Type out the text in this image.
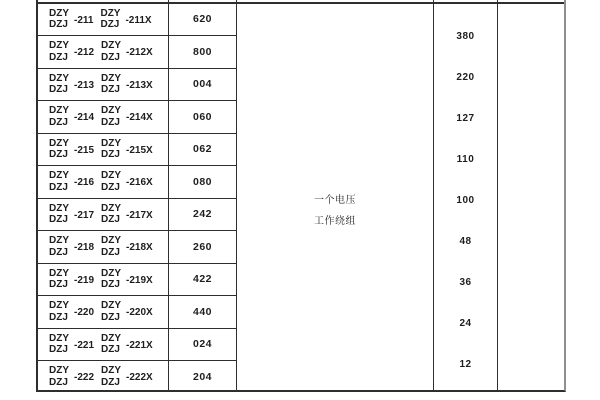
DZY
DZJ -211
DZY
DZJ -211X
DZY
DZJ -212
DZY
DZJ -212X
DZY
DZJ -213
DZY
DZJ -213X
DZY
DZJ -214
DZY
DZJ -214X
DZY
DZJ -215
DZY
DZJ -215X
DZY
DZJ -216
DZY
DZJ -216X
DZY
DZJ -217
DZY
DZJ -217X
DZY
DZJ -218
DZY
DZJ -218X
DZY
DZJ -219
DZY
DZJ -219X
DZY
DZJ -220
DZY
DZJ -220X
DZY
DZJ -221
DZY
DZJ -221X
DZY
DZJ -222
DZY
DZJ -222X
620
800
004
060
062
080
242
260
422
440
024
204
一个电压
工作绕组
380
220
127
110
100
48
36
24
12
